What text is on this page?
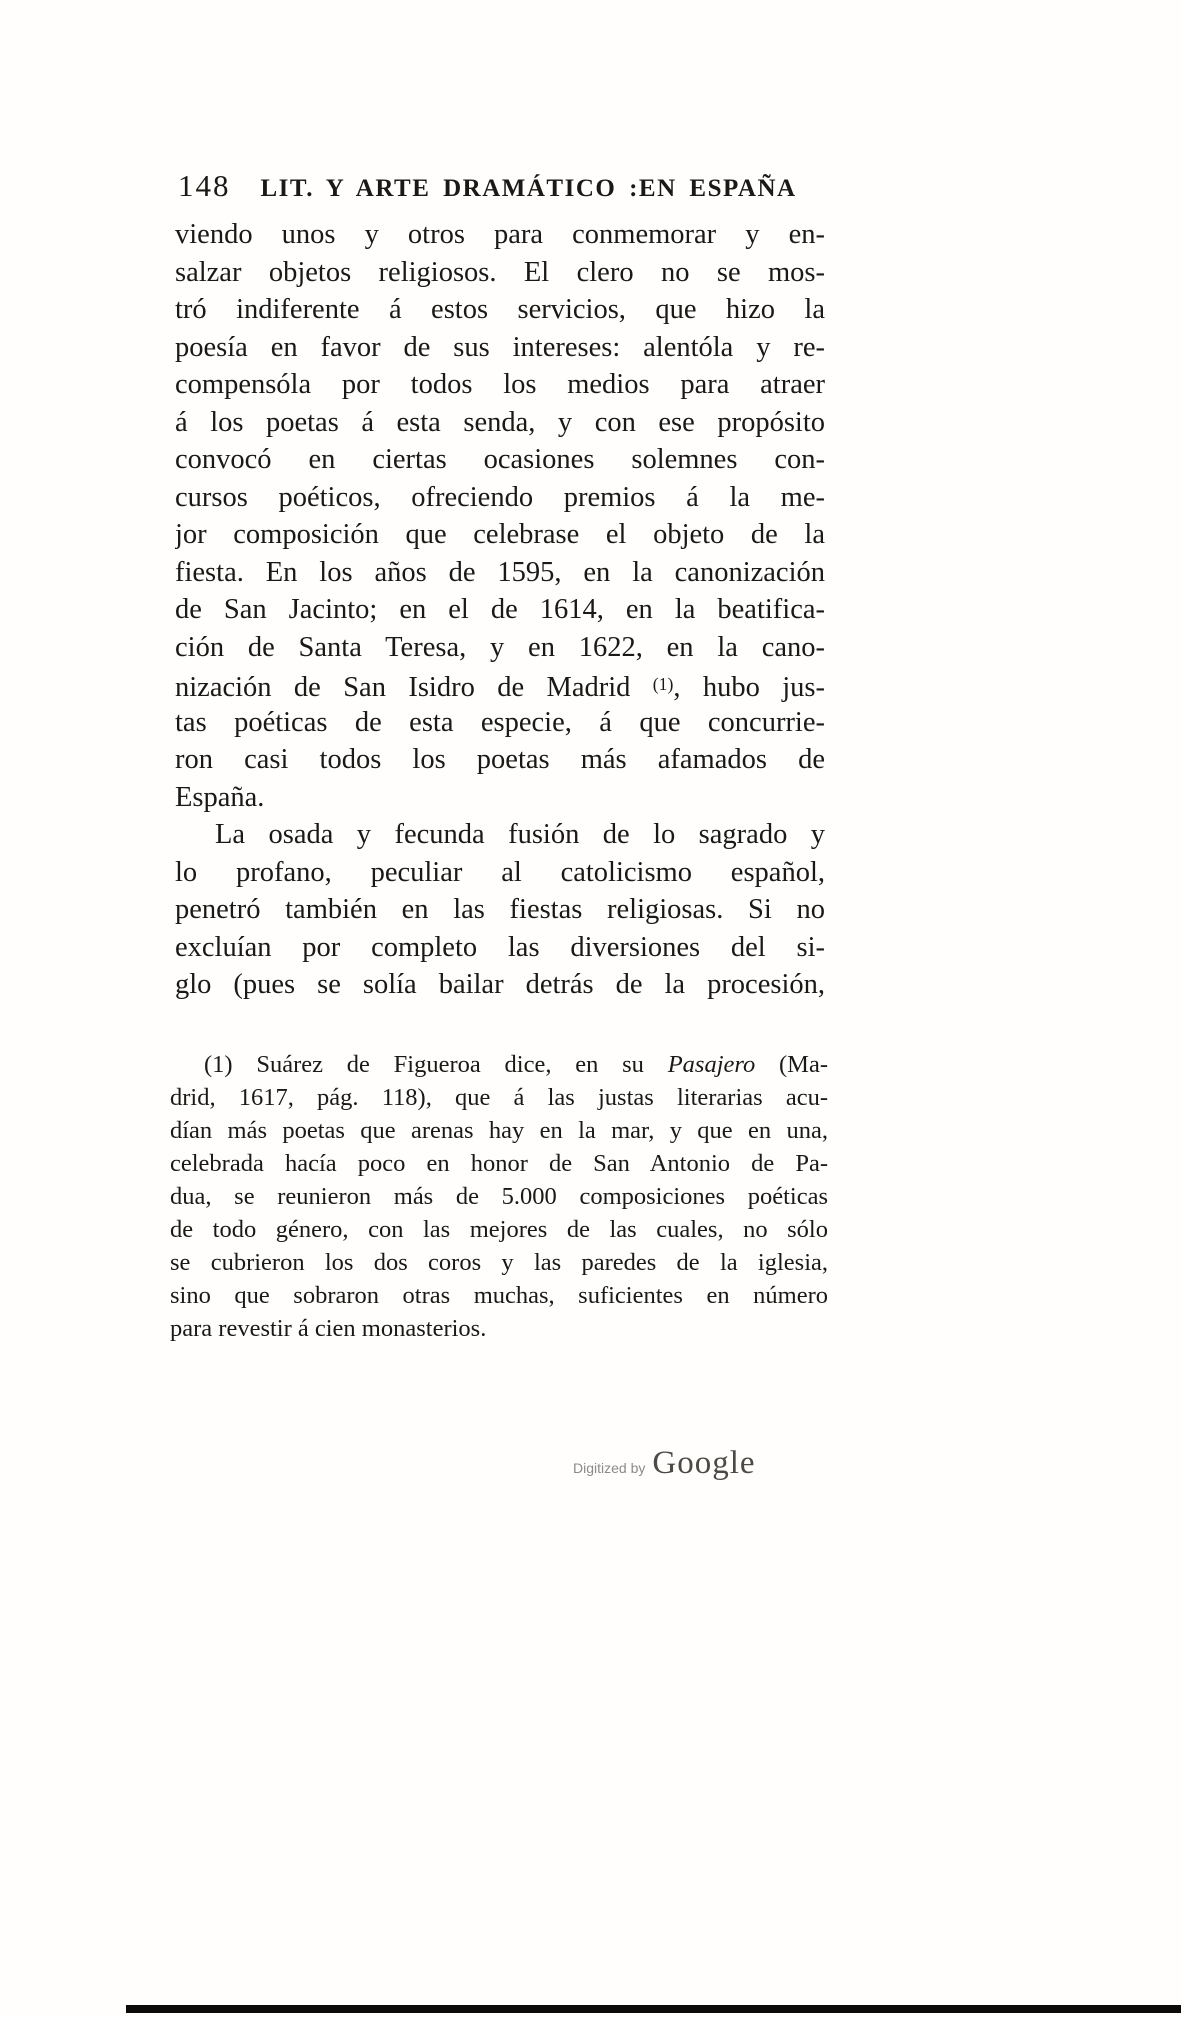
148 LIT. Y ARTE DRAMÁTICO :EN ESPAÑA
viendo unos y otros para conmemorar y en-
salzar objetos religiosos. El clero no se mos-
tró indiferente á estos servicios, que hizo la
poesía en favor de sus intereses: alentóla y re-
compensóla por todos los medios para atraer
á los poetas á esta senda, y con ese propósito
convocó en ciertas ocasiones solemnes con-
cursos poéticos, ofreciendo premios á la me-
jor composición que celebrase el objeto de la
fiesta. En los años de 1595, en la canonización
de San Jacinto; en el de 1614, en la beatifica-
ción de Santa Teresa, y en 1622, en la cano-
nización de San Isidro de Madrid $^{(1)}$, hubo jus-
tas poéticas de esta especie, á que concurrie-
ron casi todos los poetas más afamados de
España.
La osada y fecunda fusión de lo sagrado y
lo profano, peculiar al catolicismo español,
penetró también en las fiestas religiosas. Si no
excluían por completo las diversiones del si-
glo (pues se solía bailar detrás de la procesión,
(1) Suárez de Figueroa dice, en su Pasajero (Ma-
drid, 1617, pág. 118), que á las justas literarias acu-
dían más poetas que arenas hay en la mar, y que en una,
celebrada hacía poco en honor de San Antonio de Pa-
dua, se reunieron más de 5.000 composiciones poéticas
de todo género, con las mejores de las cuales, no sólo
se cubrieron los dos coros y las paredes de la iglesia,
sino que sobraron otras muchas, suficientes en número
para revestir á cien monasterios.
Digitized by Google
